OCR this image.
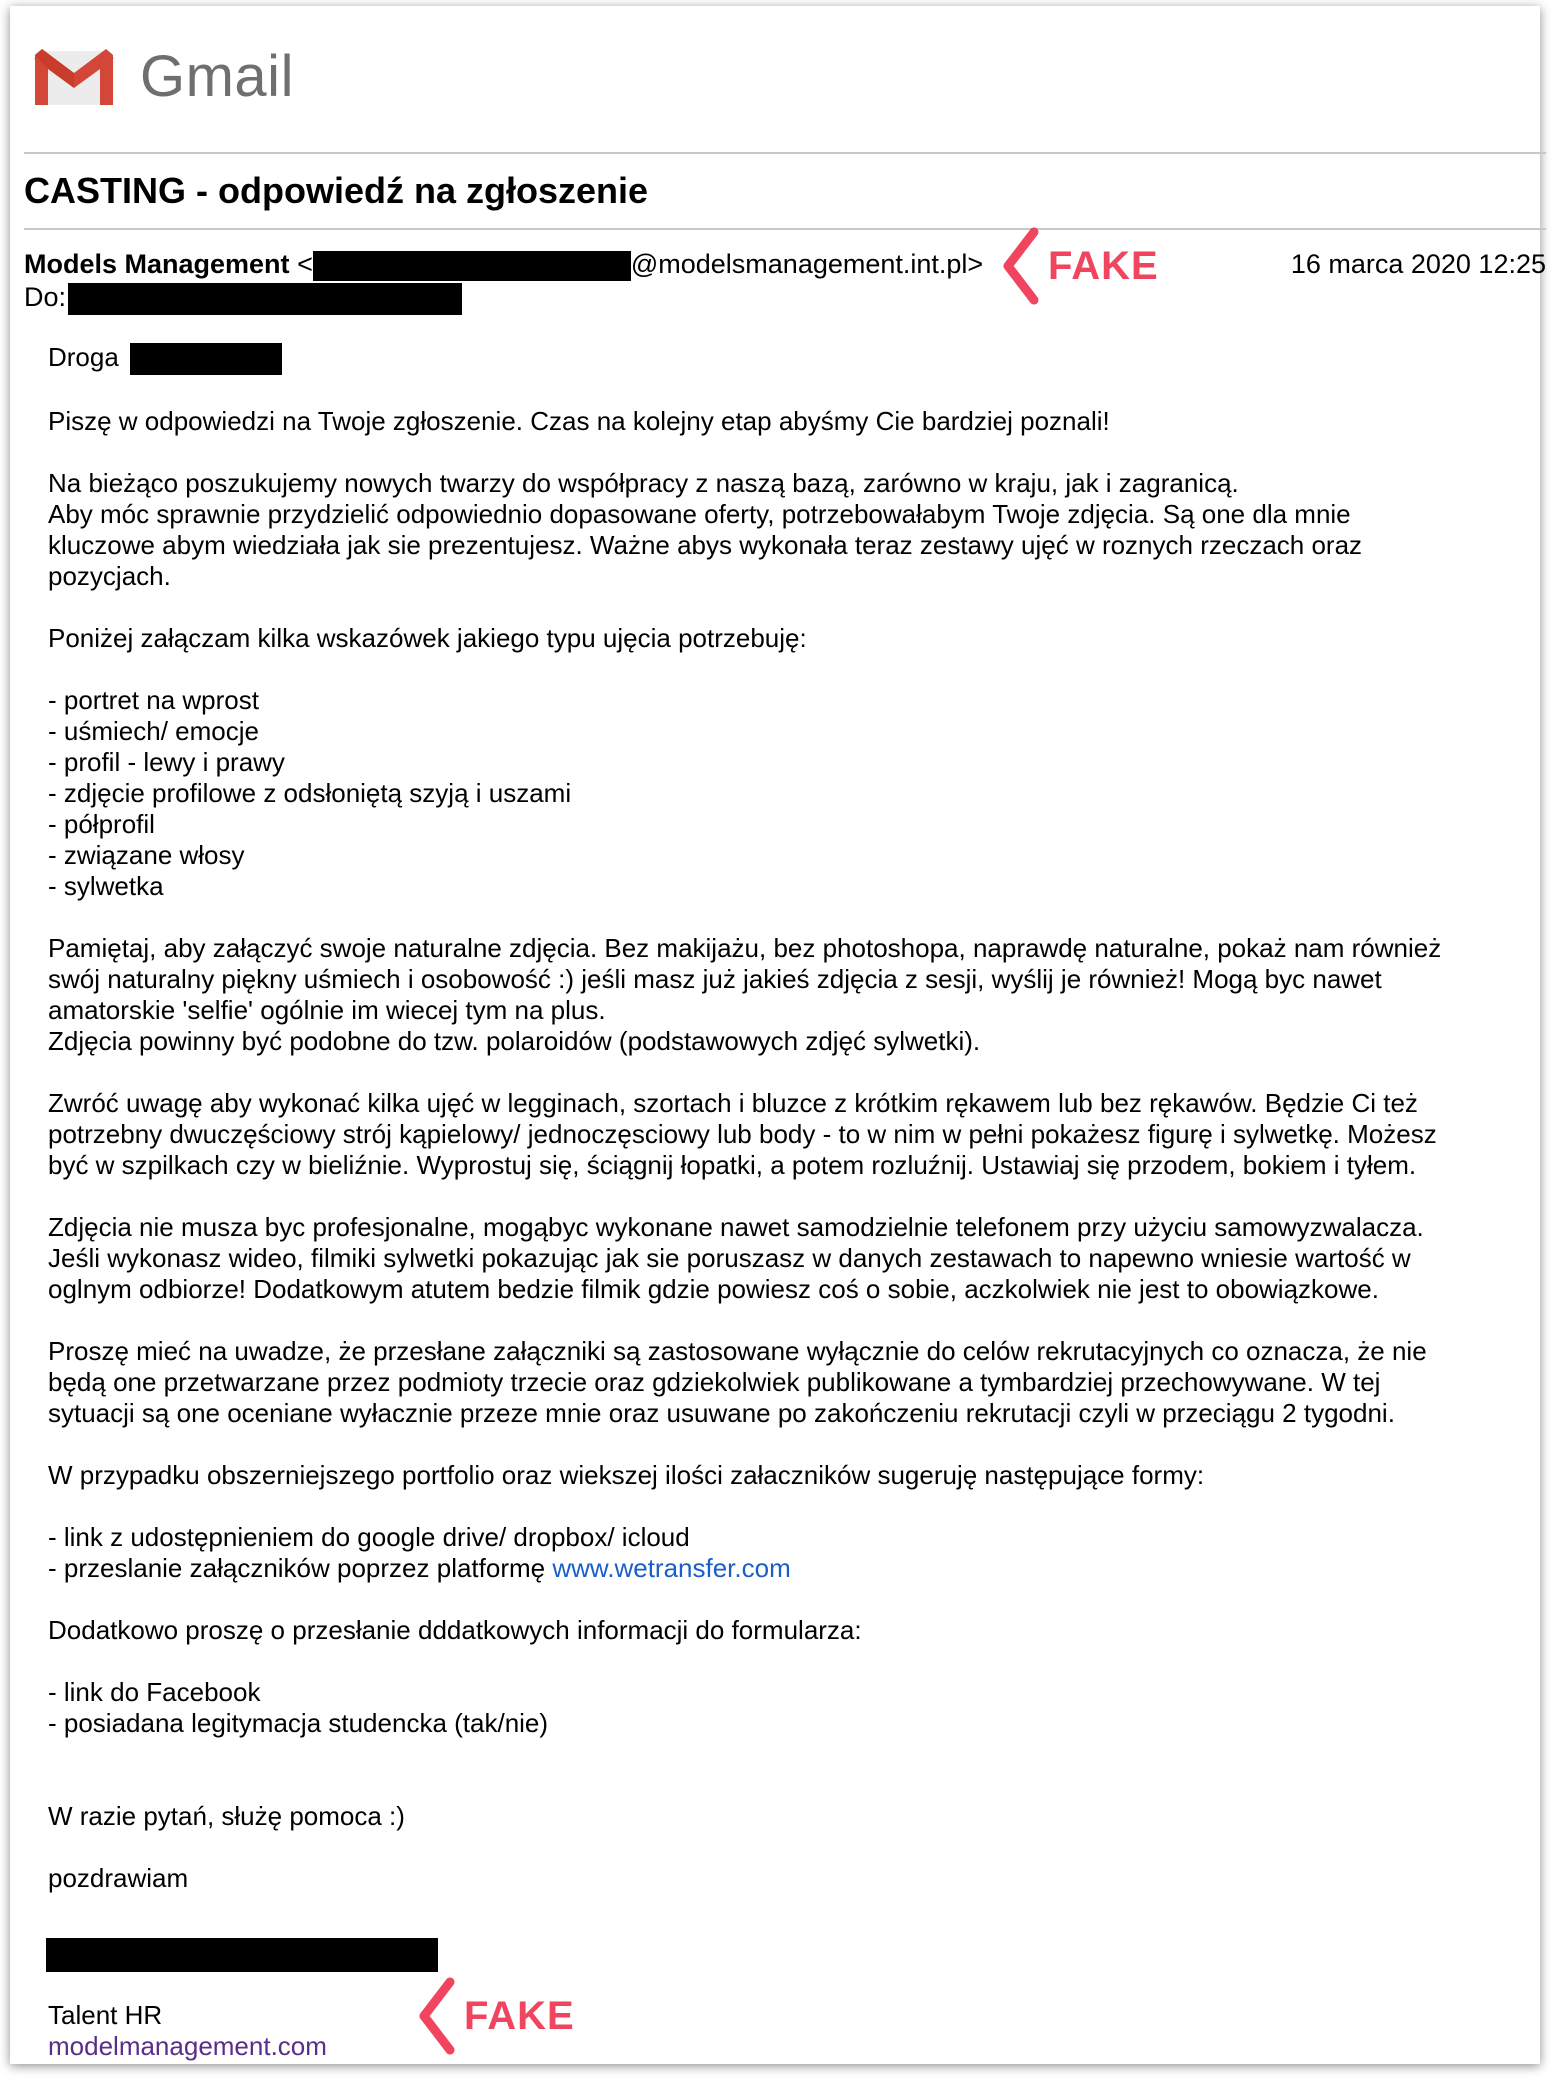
Gmail
CASTING - odpowiedź na zgłoszenie
Models Management <	@modelsmanagement.int.pl>	16 marca 2020 12:25
Do:
FAKE

Droga

Piszę w odpowiedzi na Twoje zgłoszenie. Czas na kolejny etap abyśmy Cie bardziej poznali!

Na bieżąco poszukujemy nowych twarzy do współpracy z naszą bazą, zarówno w kraju, jak i zagranicą.
Aby móc sprawnie przydzielić odpowiednio dopasowane oferty, potrzebowałabym Twoje zdjęcia. Są one dla mnie
kluczowe abym wiedziała jak sie prezentujesz. Ważne abys wykonała teraz zestawy ujęć w roznych rzeczach oraz
pozycjach.

Poniżej załączam kilka wskazówek jakiego typu ujęcia potrzebuję:

- portret na wprost
- uśmiech/ emocje
- profil - lewy i prawy
- zdjęcie profilowe z odsłoniętą szyją i uszami
- półprofil
- związane włosy
- sylwetka

Pamiętaj, aby załączyć swoje naturalne zdjęcia. Bez makijażu, bez photoshopa, naprawdę naturalne, pokaż nam również
swój naturalny piękny uśmiech i osobowość :) jeśli masz już jakieś zdjęcia z sesji, wyślij je również! Mogą byc nawet
amatorskie 'selfie' ogólnie im wiecej tym na plus.
Zdjęcia powinny być podobne do tzw. polaroidów (podstawowych zdjęć sylwetki).

Zwróć uwagę aby wykonać kilka ujęć w legginach, szortach i bluzce z krótkim rękawem lub bez rękawów. Będzie Ci też
potrzebny dwuczęściowy strój kąpielowy/ jednoczęsciowy lub body - to w nim w pełni pokażesz figurę i sylwetkę. Możesz
być w szpilkach czy w bieliźnie. Wyprostuj się, ściągnij łopatki, a potem rozluźnij. Ustawiaj się przodem, bokiem i tyłem.

Zdjęcia nie musza byc profesjonalne, mogąbyc wykonane nawet samodzielnie telefonem przy użyciu samowyzwalacza.
Jeśli wykonasz wideo, filmiki sylwetki pokazując jak sie poruszasz w danych zestawach to napewno wniesie wartość w
oglnym odbiorze! Dodatkowym atutem bedzie filmik gdzie powiesz coś o sobie, aczkolwiek nie jest to obowiązkowe.

Proszę mieć na uwadze, że przesłane załączniki są zastosowane wyłącznie do celów rekrutacyjnych co oznacza, że nie
będą one przetwarzane przez podmioty trzecie oraz gdziekolwiek publikowane a tymbardziej przechowywane. W tej
sytuacji są one oceniane wyłacznie przeze mnie oraz usuwane po zakończeniu rekrutacji czyli w przeciągu 2 tygodni.

W przypadku obszerniejszego portfolio oraz wiekszej ilości załaczników sugeruję następujące formy:

- link z udostępnieniem do google drive/ dropbox/ icloud
- przeslanie załączników poprzez platformę www.wetransfer.com

Dodatkowo proszę o przesłanie dddatkowych informacji do formularza:

- link do Facebook
- posiadana legitymacja studencka (tak/nie)

W razie pytań, służę pomoca :)

pozdrawiam

Talent HR
modelmanagement.com
FAKE
